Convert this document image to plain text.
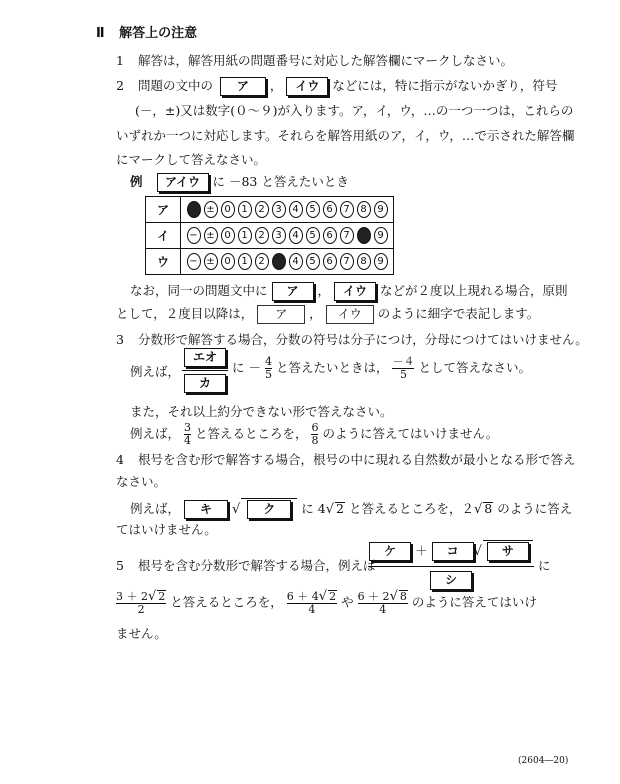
Ⅱ 解答上の注意
1 解答は，解答用紙の問題番号に対応した解答欄にマークしなさい。
2 問題の文中の ア ， イウ などには，特に指示がないかぎり，符号
(－，±)又は数字(０～９)が入ります。ア，イ，ウ，…の一つ一つは，これらの
いずれか一つに対応します。それらを解答用紙のア，イ，ウ，…で示された解答欄
にマークして答えなさい。
例 アイウ に －83 と答えたいとき
ア	− ± 0 1 2 3 4 5 6 7 8 9
イ	− ± 0 1 2 3 4 5 6 7 8 9
ウ	− ± 0 1 2 3 4 5 6 7 8 9
なお，同一の問題文中に ア ， イウ などが２度以上現れる場合，原則
として，２度目以降は， ア ， イウ のように細字で表記します。
3 分数形で解答する場合，分数の符号は分子につけ，分母につけてはいけません。
例えば，
エオ
カ
に － $\frac{4}{5}$ と答えたいときは， $\frac{-4}{5}$ として答えなさい。
また，それ以上約分できない形で答えなさい。
例えば， $\frac{3}{4}$ と答えるところを， $\frac{6}{8}$ のように答えてはいけません。
4 根号を含む形で解答する場合，根号の中に現れる自然数が最小となる形で答え
なさい。
例えば， キ √ ク に 4√ 2 と答えるところを，２√ 8 のように答え
てはいけません。
5 根号を含む分数形で解答する場合，例えば
ケ ＋ コ √ サ
シ
に
$\frac{3 + 2√ 2}{2}$ と答えるところを， $\frac{6 + 4√ 2}{4}$ や $\frac{6 + 2√ 8}{4}$ のように答えてはいけ
ません。
(2604―20)
